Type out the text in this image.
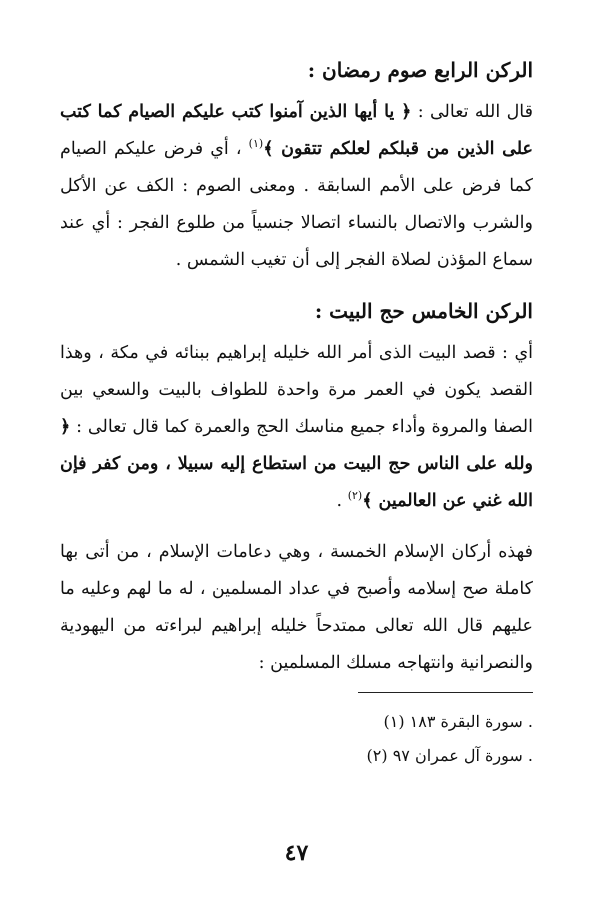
الركن الرابع صوم رمضان :

قال الله تعالى : ﴿ يا أيها الذين آمنوا كتب عليكم الصيام كما كتب على الذين من قبلكم لعلكم تتقون ﴾$^{(١)}$ ، أي فرض عليكم الصيام كما فرض على الأمم السابقة . ومعنى الصوم : الكف عن الأكل والشرب والاتصال بالنساء اتصالا جنسياً من طلوع الفجر : أي عند سماع المؤذن لصلاة الفجر إلى أن تغيب الشمس .

الركن الخامس حج البيت :

أي : قصد البيت الذى أمر الله خليله إبراهيم ببنائه في مكة ، وهذا القصد يكون في العمر مرة واحدة للطواف بالبيت والسعي بين الصفا والمروة وأداء جميع مناسك الحج والعمرة كما قال تعالى : ﴿ ولله على الناس حج البيت من استطاع إليه سبيلا ، ومن كفر فإن الله غني عن العالمين ﴾$^{(٢)}$ .

فهذه أركان الإسلام الخمسة ، وهي دعامات الإسلام ، من أتى بها كاملة صح إسلامه وأصبح في عداد المسلمين ، له ما لهم وعليه ما عليهم قال الله تعالى ممتدحاً خليله إبراهيم لبراءته من اليهودية والنصرانية وانتهاجه مسلك المسلمين :

(١) سورة البقرة ١٨٣ .
(٢) سورة آل عمران ٩٧ .
٤٧
